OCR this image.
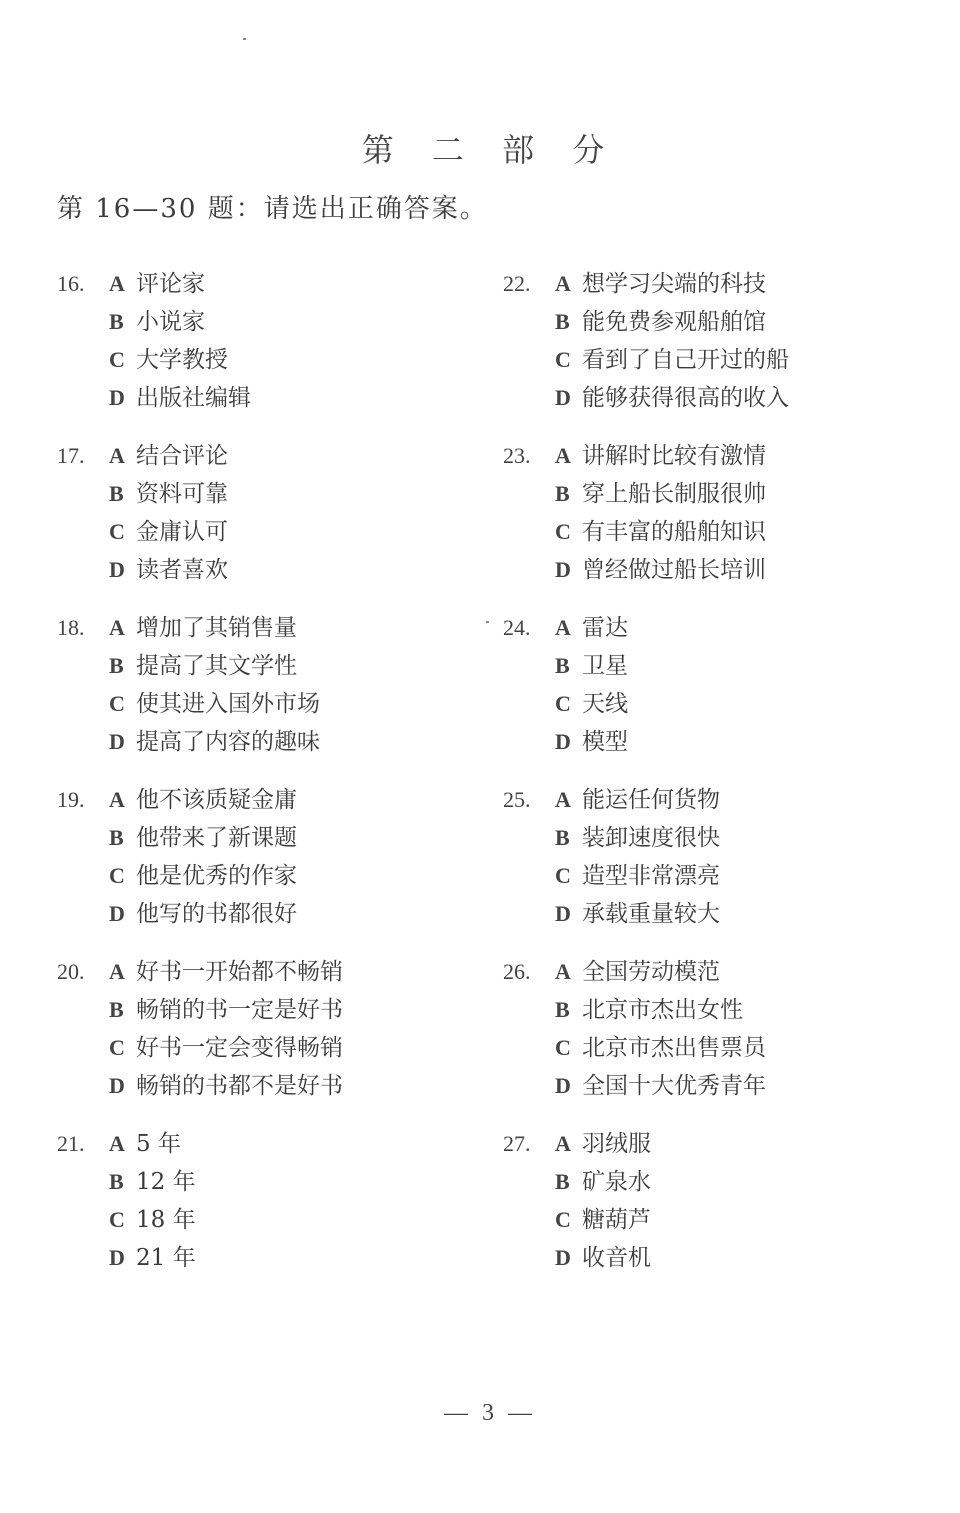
第 二 部 分
第 16—30 题：请选出正确答案。
16. A 评论家
B 小说家
C 大学教授
D 出版社编辑
17. A 结合评论
B 资料可靠
C 金庸认可
D 读者喜欢
18. A 增加了其销售量
B 提高了其文学性
C 使其进入国外市场
D 提高了内容的趣味
19. A 他不该质疑金庸
B 他带来了新课题
C 他是优秀的作家
D 他写的书都很好
20. A 好书一开始都不畅销
B 畅销的书一定是好书
C 好书一定会变得畅销
D 畅销的书都不是好书
21. A 5 年
B 12 年
C 18 年
D 21 年
22. A 想学习尖端的科技
B 能免费参观船舶馆
C 看到了自己开过的船
D 能够获得很高的收入
23. A 讲解时比较有激情
B 穿上船长制服很帅
C 有丰富的船舶知识
D 曾经做过船长培训
24. A 雷达
B 卫星
C 天线
D 模型
25. A 能运任何货物
B 装卸速度很快
C 造型非常漂亮
D 承载重量较大
26. A 全国劳动模范
B 北京市杰出女性
C 北京市杰出售票员
D 全国十大优秀青年
27. A 羽绒服
B 矿泉水
C 糖葫芦
D 收音机
— 3 —
